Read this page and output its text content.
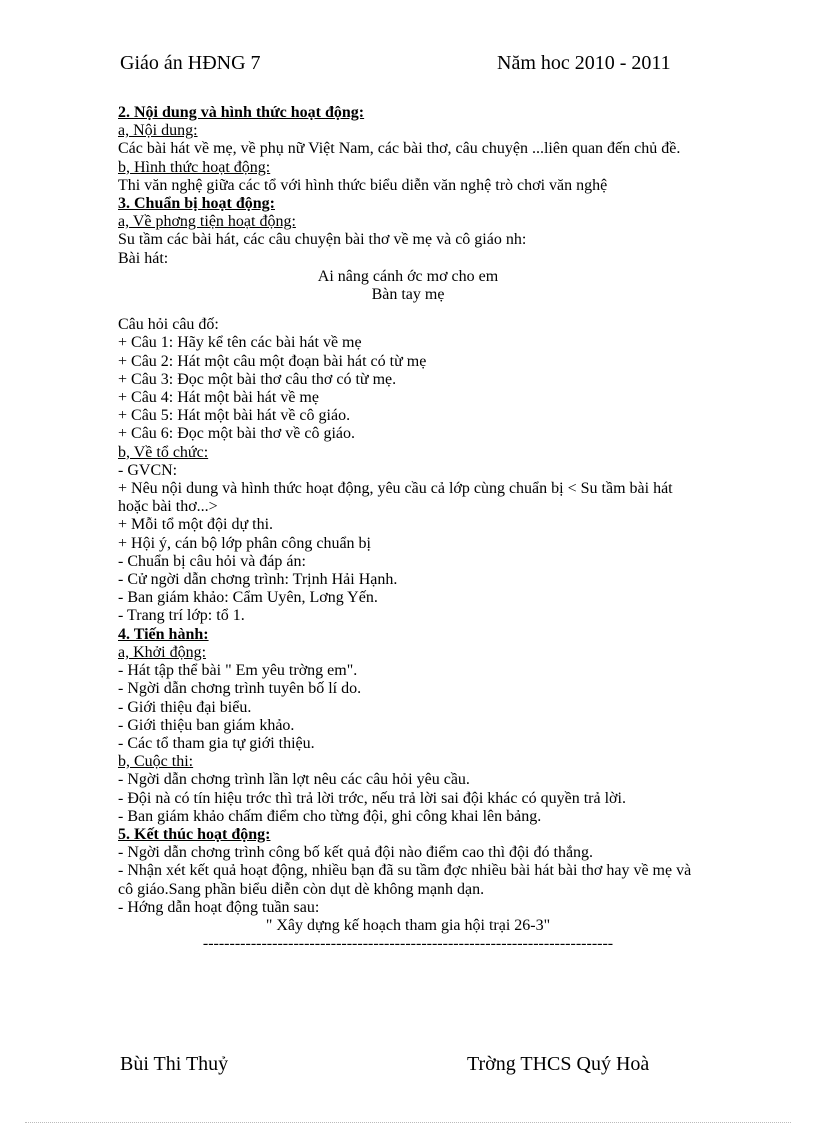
Giáo án HĐNG 7	Năm hoc 2010 - 2011
2. Nội dung và hình thức hoạt động:
a, Nội dung:
Các bài hát về mẹ, về phụ nữ Việt Nam, các bài thơ, câu chuyện ...liên quan đến chủ đề.
b, Hình thức hoạt động:
Thi văn nghệ giữa các tổ với hình thức biểu diễn văn nghệ trò chơi văn nghệ
3. Chuẩn bị hoạt động:
a, Về phơng tiện hoạt động:
Su tầm các bài hát, các câu chuyện bài thơ về mẹ và cô giáo nh:
Bài hát:
Ai nâng cánh ớc mơ cho em
Bàn tay mẹ
Câu hỏi câu đố:
+ Câu 1: Hãy kể tên các bài hát về mẹ
+ Câu 2: Hát một câu một đoạn bài hát có từ mẹ
+ Câu 3: Đọc một bài thơ câu thơ có từ mẹ.
+ Câu 4: Hát một bài hát về mẹ
+ Câu 5: Hát một bài hát về cô giáo.
+ Câu 6: Đọc một bài thơ về cô giáo.
b, Về tổ chức:
- GVCN:
+ Nêu nội dung và hình thức hoạt động, yêu cầu cả lớp cùng chuẩn bị < Su tầm bài hát hoặc bài thơ...>
+ Mỗi tổ một đội dự thi.
+ Hội ý, cán bộ lớp phân công chuẩn bị
- Chuẩn bị câu hỏi và đáp án:
- Cử ngời dẫn chơng trình: Trịnh Hải Hạnh.
- Ban giám khảo: Cẩm Uyên, Lơng Yến.
- Trang trí lớp: tổ 1.
4. Tiến hành:
a, Khởi động:
- Hát tập thể bài " Em yêu trờng em".
- Ngời dẫn chơng trình tuyên bố lí do.
- Giới thiệu đại biểu.
- Giới thiệu ban giám khảo.
- Các tổ tham gia tự giới thiệu.
b, Cuộc thi:
- Ngời dẫn chơng trình lần lợt nêu các câu hỏi yêu cầu.
- Đội nà có tín hiệu trớc thì trả lời trớc, nếu trả lời sai đội khác có quyền trả lời.
- Ban giám khảo chấm điểm cho từng đội, ghi công khai lên bảng.
5. Kết thúc hoạt động:
- Ngời dẫn chơng trình công bố kết quả đội nào điểm cao thì đội đó thắng.
- Nhận xét kết quả hoạt động, nhiều bạn đã su tầm đợc nhiều bài hát bài thơ hay về mẹ và cô giáo.Sang phần biểu diễn còn dụt dè không mạnh dạn.
- Hớng dẫn hoạt động tuần sau:
" Xây dựng kế hoạch tham gia hội trại 26-3"
-----------------------------------------------------------------------------
Bùi Thi Thuỷ	Trờng THCS Quý Hoà
